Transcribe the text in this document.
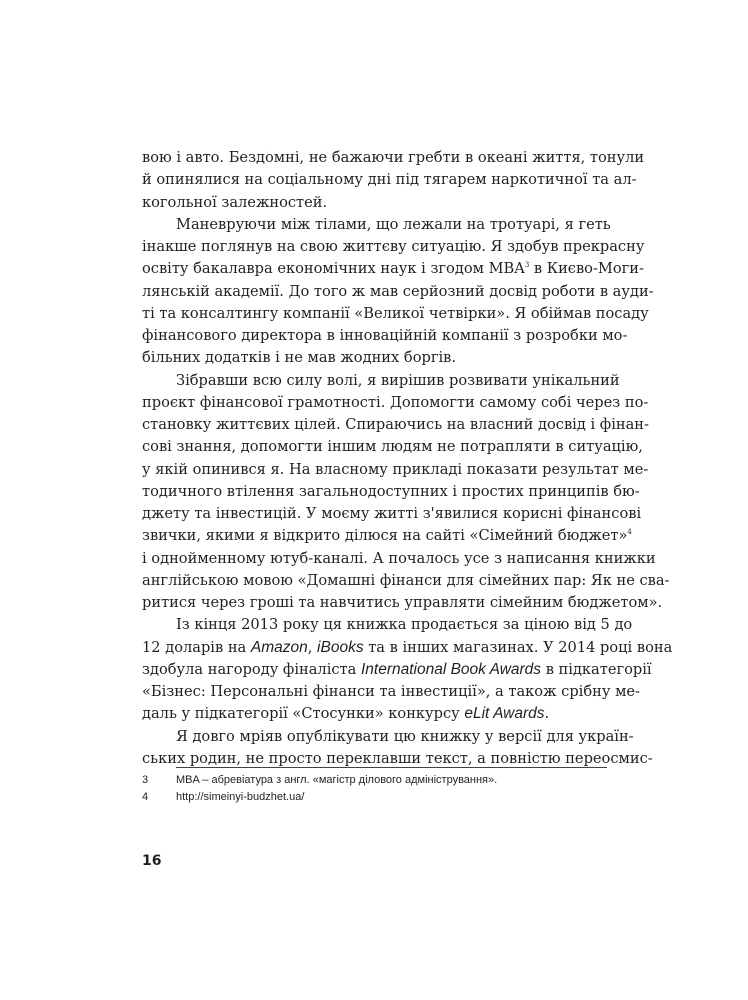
вою і авто. Бездомні, не бажаючи гребти в океані життя, тонули
й опинялися на соціальному дні під тягарем наркотичної та ал-
когольної залежностей.
Маневруючи між тілами, що лежали на тротуарі, я геть
інакше поглянув на свою життєву ситуацію. Я здобув прекрасну
освіту бакалавра економічних наук і згодом MBA$^3$ в Києво-Моги-
лянській академії. До того ж мав серйозний досвід роботи в ауди-
ті та консалтингу компанії «Великої четвірки». Я обіймав посаду
фінансового директора в інноваційній компанії з розробки мо-
більних додатків і не мав жодних боргів.
Зібравши всю силу волі, я вирішив розвивати унікальний
проєкт фінансової грамотності. Допомогти самому собі через по-
становку життєвих цілей. Спираючись на власний досвід і фінан-
сові знання, допомогти іншим людям не потрапляти в ситуацію,
у якій опинився я. На власному прикладі показати результат ме-
тодичного втілення загальнодоступних і простих принципів бю-
джету та інвестицій. У моєму житті з'явилися корисні фінансові
звички, якими я відкрито ділюся на сайті «Сімейний бюджет»$^4$
і однойменному ютуб-каналі. А почалось усе з написання книжки
англійською мовою «Домашні фінанси для сімейних пар: Як не сва-
ритися через гроші та навчитись управляти сімейним бюджетом».
Із кінця 2013 року ця книжка продається за ціною від 5 до
12 доларів на Amazon, iBooks та в інших магазинах. У 2014 році вона
здобула нагороду фіналіста International Book Awards в підкатегорії
«Бізнес: Персональні фінанси та інвестиції», а також срібну ме-
даль у підкатегорії «Стосунки» конкурсу eLit Awards.
Я довго мріяв опублікувати цю книжку у версії для україн-
ських родин, не просто переклавши текст, а повністю переосмис-
3	MBA – абревіатура з англ. «магістр ділового адміністрування».
4	http://simeinyi-budzhet.ua/
16
